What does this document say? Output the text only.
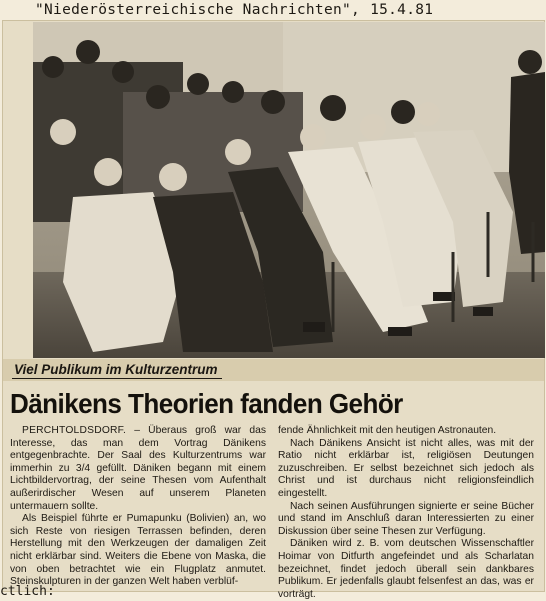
"Niederösterreichische Nachrichten", 15.4.81
Viel Publikum im Kulturzentrum
Dänikens Theorien fanden Gehör

PERCHTOLDSDORF. – Überaus groß war das Interesse, das man dem Vortrag Dänikens entgegenbrachte. Der Saal des Kulturzentrums war immerhin zu 3/4 gefüllt. Däniken begann mit einem Lichtbildervortrag, der seine Thesen vom Aufenthalt außerirdischer Wesen auf unserem Planeten untermauern sollte.

Als Beispiel führte er Pumapunku (Bolivien) an, wo sich Reste von riesigen Terrassen befinden, deren Herstellung mit den Werkzeugen der damaligen Zeit nicht erklärbar sind. Weiters die Ebene von Maska, die von oben betrachtet wie ein Flugplatz anmutet. Steinskulpturen in der ganzen Welt haben verblüf-

fende Ähnlichkeit mit den heutigen Astronauten.

Nach Dänikens Ansicht ist nicht alles, was mit der Ratio nicht erklärbar ist, religiösen Deutungen zuzuschreiben. Er selbst bezeichnet sich jedoch als Christ und ist durchaus nicht religionsfeindlich eingestellt.

Nach seinen Ausführungen signierte er seine Bücher und stand im Anschluß daran Interessierten zu einer Diskussion über seine Thesen zur Verfügung.

Däniken wird z. B. vom deutschen Wissenschaftler Hoimar von Ditfurth angefeindet und als Scharlatan bezeichnet, findet jedoch überall sein dankbares Publikum. Er jedenfalls glaubt felsenfest an das, was er vorträgt.

ctlich:
